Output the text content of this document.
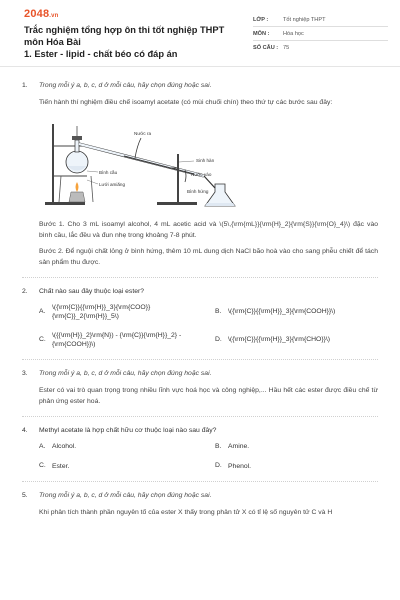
2048.vn
Trắc nghiệm tổng hợp ôn thi tốt nghiệp THPT môn Hóa Bài
1. Ester - lipid - chất béo có đáp án
LỚP :	Tốt nghiệp THPT
MÔN :	Hóa học
SỐ CÂU : 75
1.	Trong mỗi ý a, b, c, d ở mỗi câu, hãy chọn đúng hoặc sai.
Tiến hành thí nghiệm điều chế isoamyl acetate (có mùi chuối chín) theo thứ tự các bước sau đây:
Nước ra
Sinh hàn
Nước vào
Bình cầu
Lưới amiăng
Bình hứng
Bước 1. Cho 3 mL isoamyl alcohol, 4 mL acetic acid và \(5\,{\rm{mL}}{\rm{H}_2}{\rm{S}}{\rm{O}_4}\) đặc vào bình cầu, lắc đều và đun nhẹ trong khoảng 7-8 phút.
Bước 2. Để nguội chất lỏng ở bình hứng, thêm 10 mL dung dịch NaCl bão hoà vào cho sang phễu chiết để tách sản phẩm thu được.
2.	Chất nào sau đây thuộc loại ester?
A.
\({\rm{C}}{{\rm{H}}_3}{\rm{COO}}{\rm{C}}_2{\rm{H}}_5\)
B. \({\rm{C}}{{\rm{H}}_3}{\rm{COOH}}\)
C.
\({{\rm{H}}_2}\rm{N}) - {\rm{C}}{\rm{H}}_2} - {\rm{COOH}}\)
D. \({\rm{C}}{{\rm{H}}_3}{\rm{CHO}}\)
3.	Trong mỗi ý a, b, c, d ở mỗi câu, hãy chọn đúng hoặc sai.
Ester có vai trò quan trọng trong nhiều lĩnh vực hoá học và công nghiệp,... Hầu hết các ester được điều chế từ phản ứng ester hoá.
4.	Methyl acetate là hợp chất hữu cơ thuộc loại nào sau đây?
A. Alcohol.	B. Amine.
C. Ester.	D. Phenol.
5.	Trong mỗi ý a, b, c, d ở mỗi câu, hãy chọn đúng hoặc sai.
Khi phân tích thành phần nguyên tố của ester X thấy trong phân tử X có tỉ lệ số nguyên tử C và H
